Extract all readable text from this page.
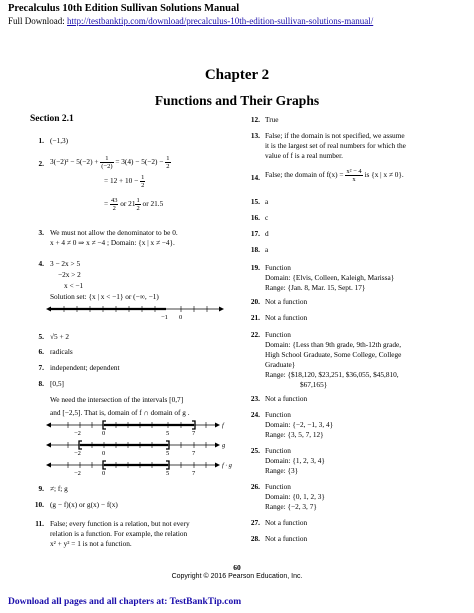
Precalculus 10th Edition Sullivan Solutions Manual
Full Download: http://testbanktip.com/download/precalculus-10th-edition-sullivan-solutions-manual/
Chapter 2
Functions and Their Graphs
Section 2.1
1. (−1,3)
2. $3(-2)^2 - 5(-2) + \frac{1}{(-2)} = 3(4) - 5(-2) - \frac{1}{2}$
= $12 + 10 - \frac{1}{2}$
= $\frac{43}{2}$ or $21 \frac{1}{2}$ or 21.5
3. We must not allow the denominator to be 0.
x + 4 ≠ 0 ⇒ x ≠ −4 ; Domain: {x | x ≠ −4}.
4. 3 − 2x > 5
−2x > 2
x < −1
Solution set: {x | x < −1} or (−∞, −1)
−1 0
5. √5 + 2
6. radicals
7. independent; dependent
8. [0,5]
We need the intersection of the intervals [0,7]
and [−2,5]. That is, domain of f ∩ domain of g .
−2	0	5	7
−2	0	5	7
−2	0	5	7
f
g
f · g
9. ≠; f; g
10. (g − f)(x) or g(x) − f(x)
11. False; every function is a relation, but not every
relation is a function. For example, the relation
x² + y² = 1 is not a function.
12. True
13. False; if the domain is not specified, we assume
it is the largest set of real numbers for which the
value of f is a real number.
14. False; the domain of $f(x) = \frac{\text{x² − 4}}{x}$ is {x | x ≠ 0}.
15. a
16. c
17. d
18. a
19. Function
Domain: {Elvis, Colleen, Kaleigh, Marissa}
Range: {Jan. 8, Mar. 15, Sept. 17}
20. Not a function
21. Not a function
22. Function
Domain: {Less than 9th grade, 9th-12th grade,
High School Graduate, Some College, College
Graduate}
Range: {$18,120, $23,251, $36,055, $45,810,
$67,165}
23. Not a function
24. Function
Domain: {−2, −1, 3, 4}
Range: {3, 5, 7, 12}
25. Function
Domain: {1, 2, 3, 4}
Range: {3}
26. Function
Domain: {0, 1, 2, 3}
Range: {−2, 3, 7}
27. Not a function
28. Not a function
60
Copyright © 2016 Pearson Education, Inc.
Download all pages and all chapters at: TestBankTip.com
